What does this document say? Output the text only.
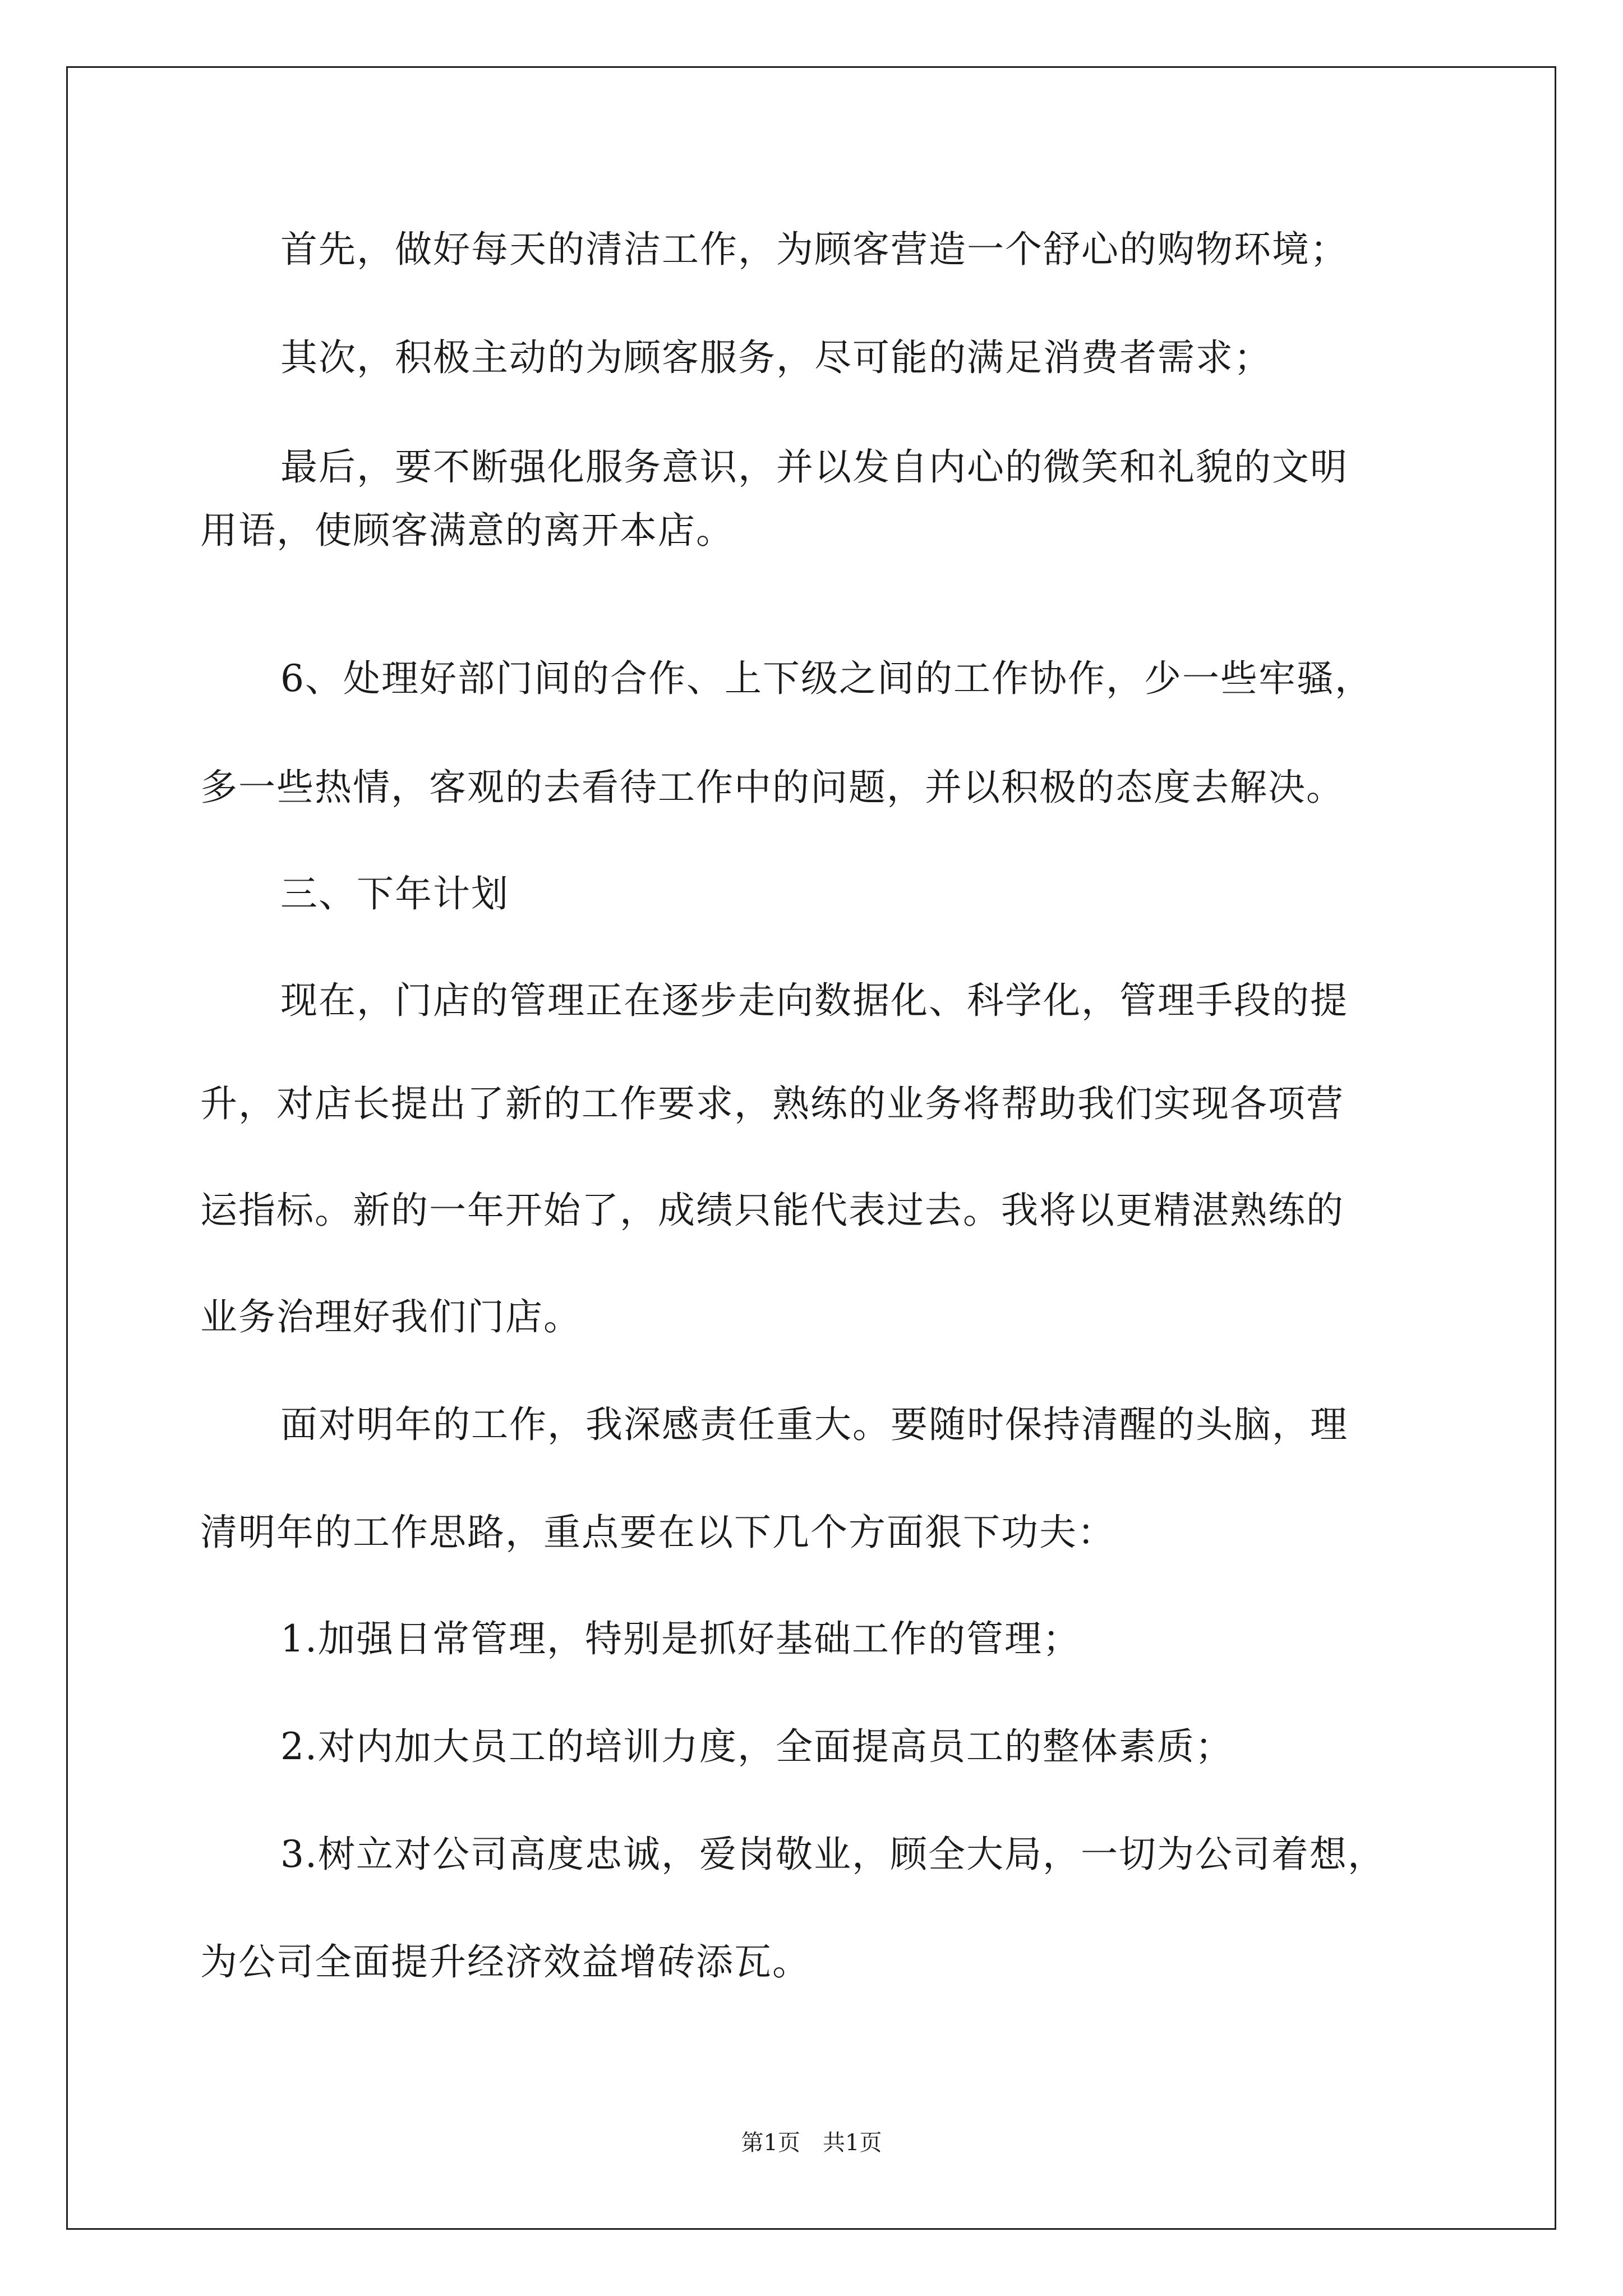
首先，做好每天的清洁工作，为顾客营造一个舒心的购物环境；
其次，积极主动的为顾客服务，尽可能的满足消费者需求；
最后，要不断强化服务意识，并以发自内心的微笑和礼貌的文明
用语，使顾客满意的离开本店。
6、处理好部门间的合作、上下级之间的工作协作，少一些牢骚，
多一些热情，客观的去看待工作中的问题，并以积极的态度去解决。
三、下年计划
现在，门店的管理正在逐步走向数据化、科学化，管理手段的提
升，对店长提出了新的工作要求，熟练的业务将帮助我们实现各项营
运指标。新的一年开始了，成绩只能代表过去。我将以更精湛熟练的
业务治理好我们门店。
面对明年的工作，我深感责任重大。要随时保持清醒的头脑，理
清明年的工作思路，重点要在以下几个方面狠下功夫：
1.加强日常管理，特别是抓好基础工作的管理；
2.对内加大员工的培训力度，全面提高员工的整体素质；
3.树立对公司高度忠诚，爱岗敬业，顾全大局，一切为公司着想，
为公司全面提升经济效益增砖添瓦。
第1页　共1页
